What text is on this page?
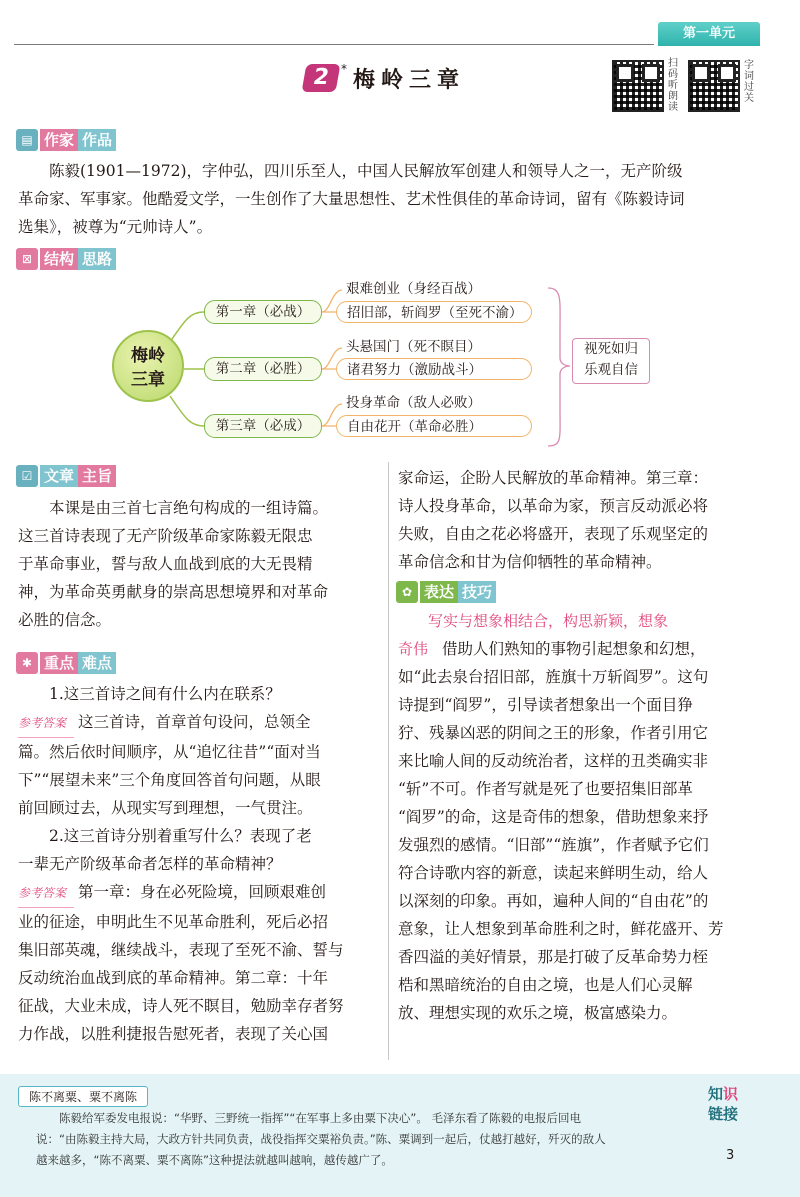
第一单元
2 * 梅岭三章
扫码听朗读
字词过关
▤ 作家 作品
陈毅(1901—1972)，字仲弘，四川乐至人，中国人民解放军创建人和领导人之一，无产阶级
革命家、军事家。他酷爱文学，一生创作了大量思想性、艺术性俱佳的革命诗词，留有《陈毅诗词
选集》，被尊为“元帅诗人”。
⊠ 结构 思路
梅岭
三章
第一章（必战）
第二章（必胜）
第三章（必成）
艰难创业（身经百战）
招旧部，斩阎罗（至死不渝）
头悬国门（死不瞑目）
诸君努力（激励战斗）
投身革命（敌人必败）
自由花开（革命必胜）
视死如归
乐观自信
☑ 文章 主旨
本课是由三首七言绝句构成的一组诗篇。
这三首诗表现了无产阶级革命家陈毅无限忠
于革命事业，誓与敌人血战到底的大无畏精
神，为革命英勇献身的崇高思想境界和对革命
必胜的信念。
✱ 重点 难点
1.这三首诗之间有什么内在联系？
参考答案 这三首诗，首章首句设问，总领全
篇。然后依时间顺序，从“追忆往昔”“面对当
下”“展望未来”三个角度回答首句问题，从眼
前回顾过去，从现实写到理想，一气贯注。
2.这三首诗分别着重写什么？表现了老
一辈无产阶级革命者怎样的革命精神？
参考答案 第一章：身在必死险境，回顾艰难创
业的征途，申明此生不见革命胜利，死后必招
集旧部英魂，继续战斗，表现了至死不渝、誓与
反动统治血战到底的革命精神。第二章：十年
征战，大业未成，诗人死不瞑目，勉励幸存者努
力作战，以胜利捷报告慰死者，表现了关心国
家命运，企盼人民解放的革命精神。第三章：
诗人投身革命，以革命为家，预言反动派必将
失败，自由之花必将盛开，表现了乐观坚定的
革命信念和甘为信仰牺牲的革命精神。
✿ 表达 技巧
写实与想象相结合，构思新颖，想象
奇伟 借助人们熟知的事物引起想象和幻想，
如“此去泉台招旧部，旌旗十万斩阎罗”。这句
诗提到“阎罗”，引导读者想象出一个面目狰
狞、残暴凶恶的阴间之王的形象，作者引用它
来比喻人间的反动统治者，这样的丑类确实非
“斩”不可。作者写就是死了也要招集旧部革
“阎罗”的命，这是奇伟的想象，借助想象来抒
发强烈的感情。“旧部”“旌旗”，作者赋予它们
符合诗歌内容的新意，读起来鲜明生动，给人
以深刻的印象。再如，遍种人间的“自由花”的
意象，让人想象到革命胜利之时，鲜花盛开、芳
香四溢的美好情景，那是打破了反革命势力桎
梏和黑暗统治的自由之境，也是人们心灵解
放、理想实现的欢乐之境，极富感染力。
陈不离粟、粟不离陈
陈毅给军委发电报说：“华野、三野统一指挥”“在军事上多由粟下决心”。 毛泽东看了陈毅的电报后回电
说：“由陈毅主持大局，大政方针共同负责，战役指挥交粟裕负责。”陈、粟调到一起后，仗越打越好，歼灭的敌人
越来越多，“陈不离粟、粟不离陈”这种提法就越叫越响，越传越广了。
知识
链接
3
